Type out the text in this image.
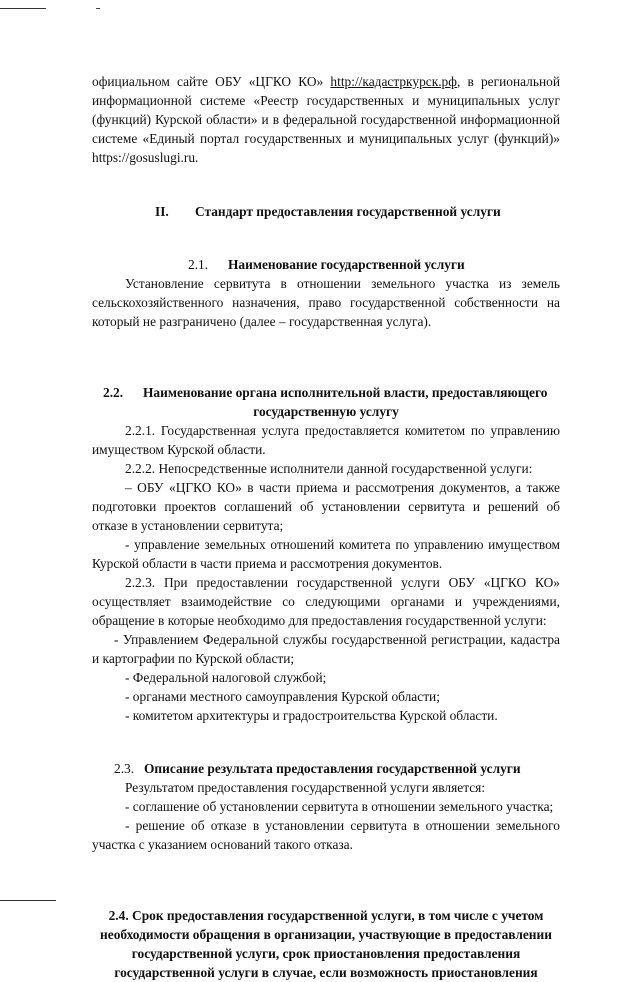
официальном сайте ОБУ «ЦГКО КО» http://кадастркурск.рф, в региональной информационной системе «Реестр государственных и муниципальных услуг (функций) Курской области» и в федеральной государственной информационной системе «Единый портал государственных и муниципальных услуг (функций)» https://gosuslugi.ru.

II. Стандарт предоставления государственной услуги

2.1. Наименование государственной услуги

Установление сервитута в отношении земельного участка из земель сельскохозяйственного назначения, право государственной собственности на который не разграничено (далее – государственная услуга).

2.2. Наименование органа исполнительной власти, предоставляющего

государственную услугу

2.2.1. Государственная услуга предоставляется комитетом по управлению имуществом Курской области.

2.2.2. Непосредственные исполнители данной государственной услуги:

– ОБУ «ЦГКО КО» в части приема и рассмотрения документов, а также подготовки проектов соглашений об установлении сервитута и решений об отказе в установлении сервитута;

- управление земельных отношений комитета по управлению имуществом Курской области в части приема и рассмотрения документов.

2.2.3. При предоставлении государственной услуги ОБУ «ЦГКО КО» осуществляет взаимодействие со следующими органами и учреждениями, обращение в которые необходимо для предоставления государственной услуги:

- Управлением Федеральной службы государственной регистрации, кадастра и картографии по Курской области;

- Федеральной налоговой службой;

- органами местного самоуправления Курской области;

- комитетом архитектуры и градостроительства Курской области.

2.3. Описание результата предоставления государственной услуги

Результатом предоставления государственной услуги является:

- соглашение об установлении сервитута в отношении земельного участка;

- решение об отказе в установлении сервитута в отношении земельного участка с указанием оснований такого отказа.

2.4. Срок предоставления государственной услуги, в том числе с учетом

необходимости обращения в организации, участвующие в предоставлении

государственной услуги, срок приостановления предоставления

государственной услуги в случае, если возможность приостановления
